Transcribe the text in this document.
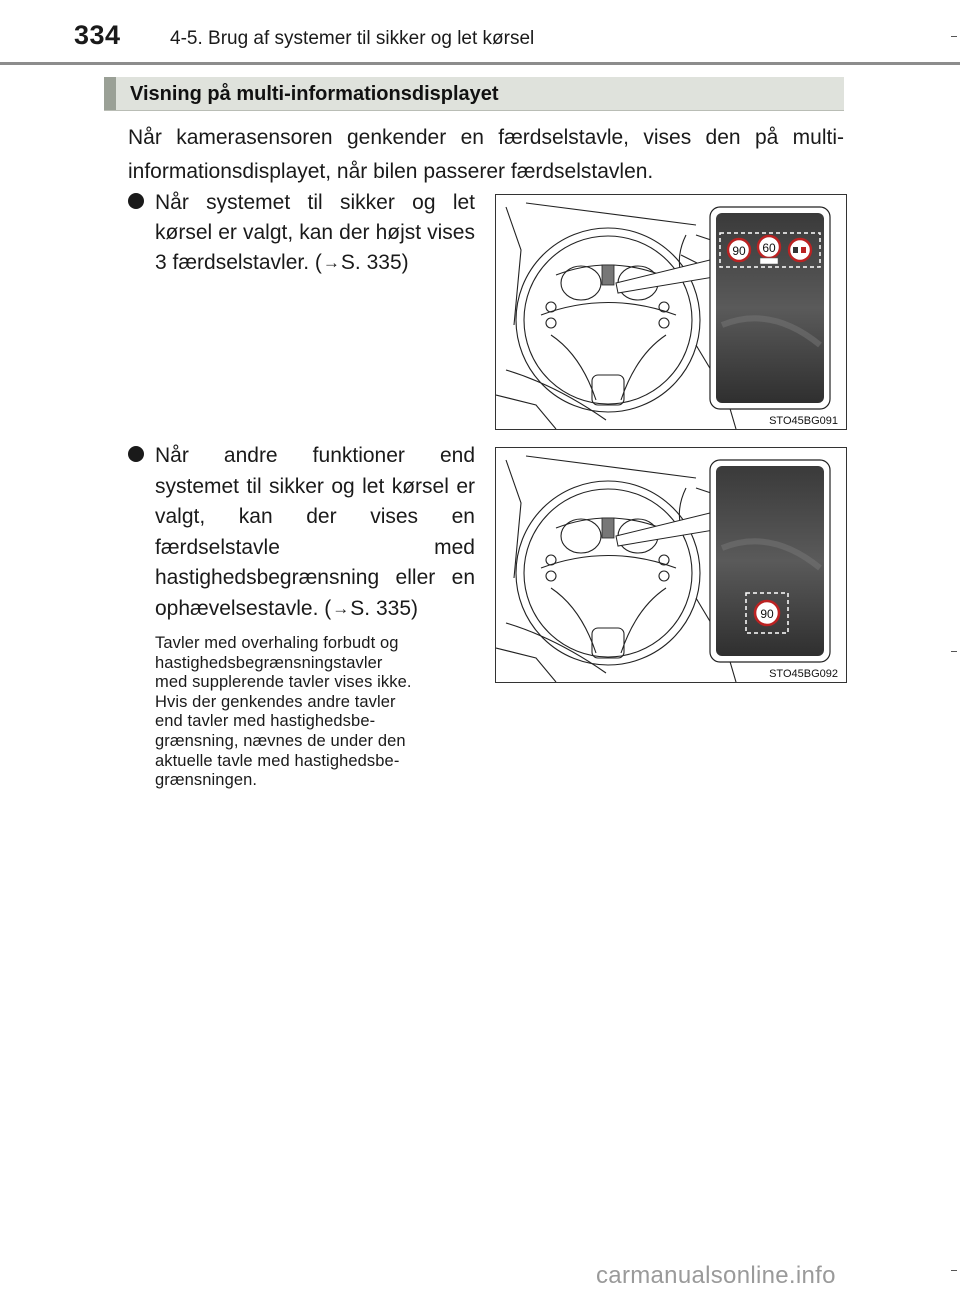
334	4-5. Brug af systemer til sikker og let kørsel
Visning på multi-informationsdisplayet
Når kamerasensoren genkender en færdselstavle, vises den på multi-informationsdisplayet, når bilen passerer færdselstavlen.
Når systemet til sikker og let kørsel er valgt, kan der højst vises 3 færdselstavler. (→S. 335)
Når andre funktioner end systemet til sikker og let kørsel er valgt, kan der vises en færdselstavle med hastighedsbegrænsning eller en ophævelsestavle. (→S. 335)
Tavler med overhaling forbudt og
hastighedsbegrænsningstavler
med supplerende tavler vises ikke.
Hvis der genkendes andre tavler
end tavler med hastighedsbe-
grænsning, nævnes de under den
aktuelle tavle med hastighedsbe-
grænsningen.
90 60
STO45BG091
90
STO45BG092
carmanualsonline.info
